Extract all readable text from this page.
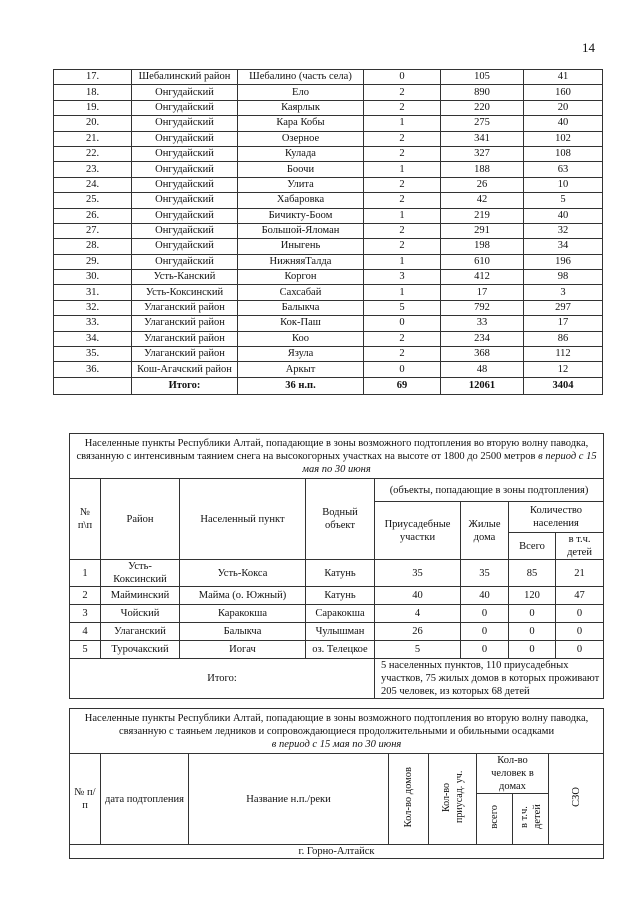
14
17.	Шебалинский район	Шебалино (часть села)	0	105	41
18.	Онгудайский	Ело	2	890	160
19.	Онгудайский	Каярлык	2	220	20
20.	Онгудайский	Кара Кобы	1	275	40
21.	Онгудайский	Озерное	2	341	102
22.	Онгудайский	Кулада	2	327	108
23.	Онгудайский	Боочи	1	188	63
24.	Онгудайский	Улита	2	26	10
25.	Онгудайский	Хабаровка	2	42	5
26.	Онгудайский	Бичикту-Боом	1	219	40
27.	Онгудайский	Большой-Яломан	2	291	32
28.	Онгудайский	Иныгень	2	198	34
29.	Онгудайский	НижняяТалда	1	610	196
30.	Усть-Канский	Коргон	3	412	98
31.	Усть-Коксинский	Сахсабай	1	17	3
32.	Улаганский район	Балыкча	5	792	297
33.	Улаганский район	Кок-Паш	0	33	17
34.	Улаганский район	Коо	2	234	86
35.	Улаганский район	Язула	2	368	112
36.	Кош-Агачский район	Аркыт	0	48	12
	Итого:	36 н.п.	69	12061	3404
Населенные пункты Республики Алтай, попадающие в зоны возможного подтопления во вторую волну паводка, связанную с интенсивным таянием снега на высокогорных участках на высоте от 1800 до 2500 метров в период с 15 мая по 30 июня							
№ п\п	Район	Населенный пункт	Водный объект	(объекты, попадающие в зоны подтопления)			
				Приусадебные участки	Жилые дома	Количество населения	
						Всего	в т.ч. детей
1	Усть-Коксинский	Усть-Кокса	Катунь	35	35	85	21
2	Майминский	Майма (о. Южный)	Катунь	40	40	120	47
3	Чойский	Каракокша	Саракокша	4	0	0	0
4	Улаганский	Балыкча	Чулышман	26	0	0	0
5	Турочакский	Иогач	оз. Телецкое	5	0	0	0
Итого:				5 населенных пунктов, 110 приусадебных участков, 75 жилых домов в которых проживают 205 человек, из которых 68 детей			
Населенные пункты Республики Алтай, попадающие в зоны возможного подтопления во вторую волну паводка, связанную с таяньем ледников и сопровождающиеся продолжительными и обильными осадками
в период с 15 мая по 30 июня							
№ п/п	дата подтопления	Название н.п./реки	Кол-во домов	Кол-во приусад. уч.	Кол-во человек в домах		СЗО
					всего	в т.ч. детей	
г. Горно-Алтайск							
